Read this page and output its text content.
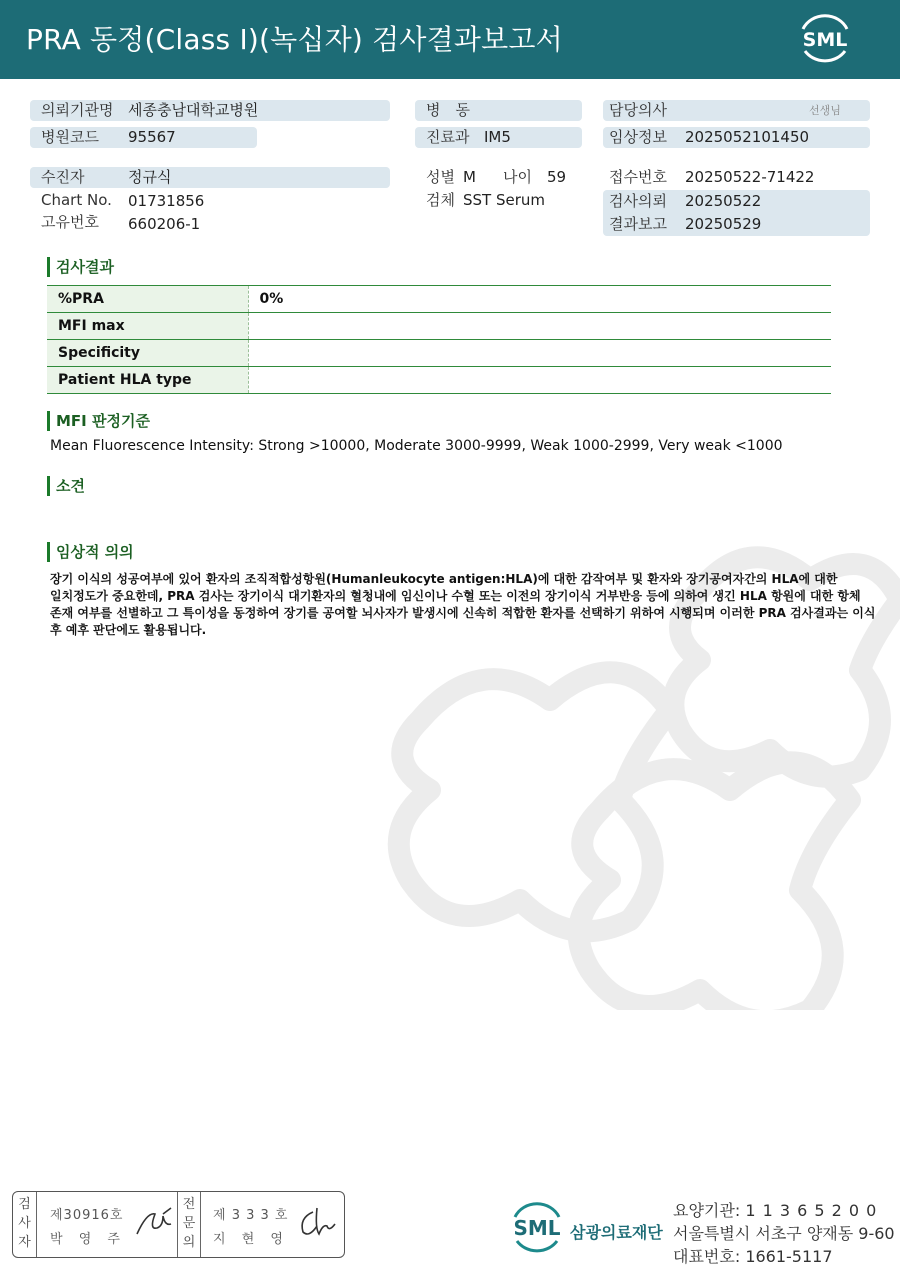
PRA 동정(Class I)(녹십자) 검사결과보고서	SML
의뢰기관명 세종충남대학교병원
병원코드 95567
병　동
진료과 IM5
담당의사	선생님
임상정보 2025052101450
수진자	정규식
Chart No. 01731856
고유번호 660206-1
성별 M 나이 59
검체 SST Serum
접수번호 20250522-71422
검사의뢰 20250522
결과보고 20250529
검사결과
%PRA	0%
MFI max	
Specificity	
Patient HLA type	
MFI 판정기준
Mean Fluorescence Intensity: Strong >10000, Moderate 3000-9999, Weak 1000-2999, Very weak <1000
소견
임상적 의의
장기 이식의 성공여부에 있어 환자의 조직적합성항원(Humanleukocyte antigen:HLA)에 대한 감작여부 및 환자와 장기공여자간의 HLA에 대한
일치정도가 중요한데, PRA 검사는 장기이식 대기환자의 혈청내에 임신이나 수혈 또는 이전의 장기이식 거부반응 등에 의하여 생긴 HLA 항원에 대한 항체
존재 여부를 선별하고 그 특이성을 동정하여 장기를 공여할 뇌사자가 발생시에 신속히 적합한 환자를 선택하기 위하여 시행되며 이러한 PRA 검사결과는 이식
후 예후 판단에도 활용됩니다.
검사자
제30916호
박 영 주
전문의
제 3 3 3 호
지 현 영	SML 삼광의료재단
요양기관: 1 1 3 6 5 2 0 0
서울특별시 서초구 양재동 9-60
대표번호: 1661-5117
